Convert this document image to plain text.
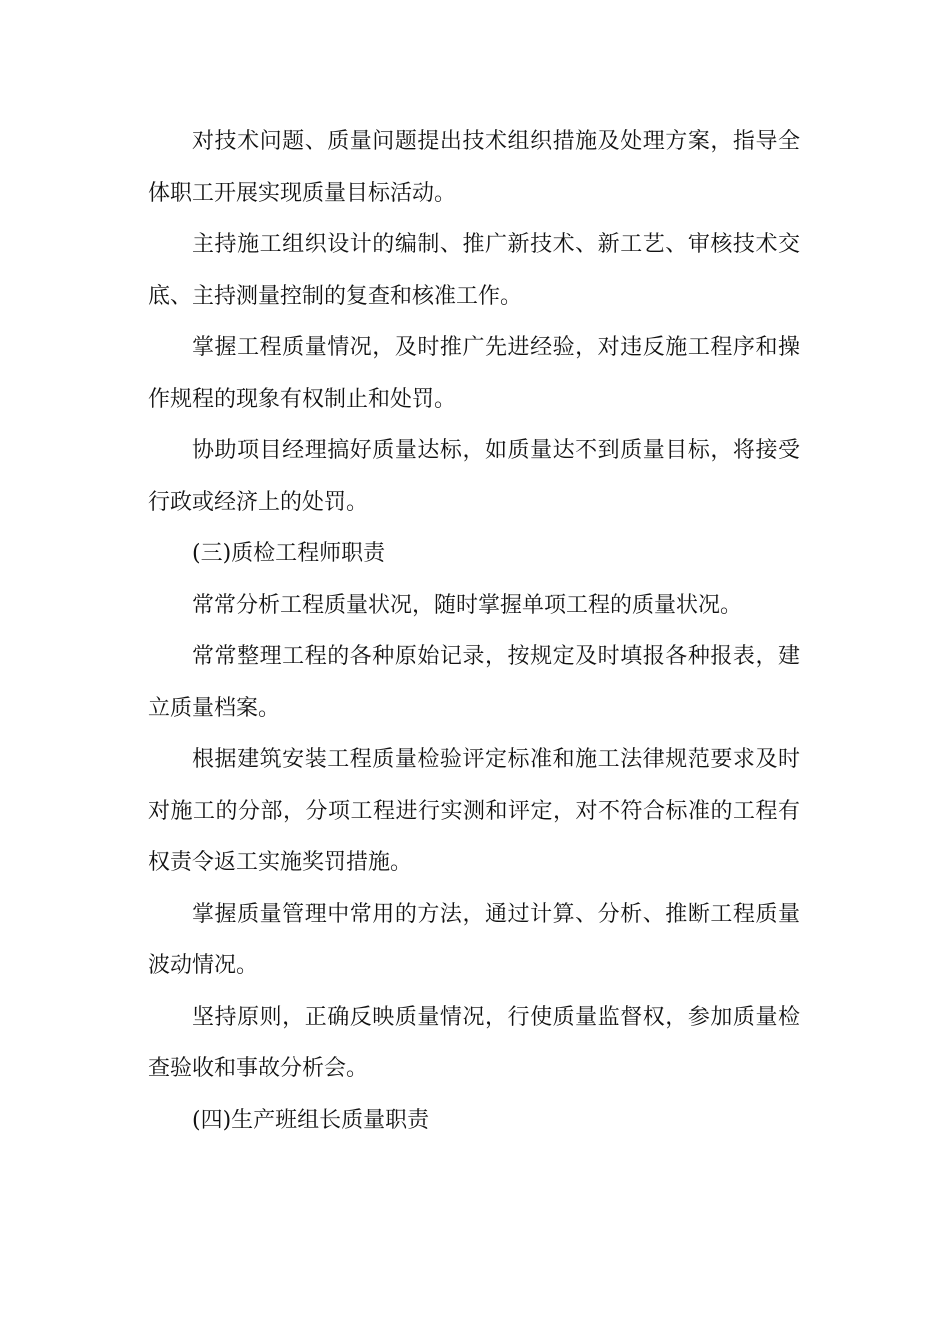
对技术问题、质量问题提出技术组织措施及处理方案，指导全体职工开展实现质量目标活动。

主持施工组织设计的编制、推广新技术、新工艺、审核技术交底、主持测量控制的复查和核准工作。

掌握工程质量情况，及时推广先进经验，对违反施工程序和操作规程的现象有权制止和处罚。

协助项目经理搞好质量达标，如质量达不到质量目标，将接受行政或经济上的处罚。

(三)质检工程师职责

常常分析工程质量状况，随时掌握单项工程的质量状况。

常常整理工程的各种原始记录，按规定及时填报各种报表，建立质量档案。

根据建筑安装工程质量检验评定标准和施工法律规范要求及时对施工的分部，分项工程进行实测和评定，对不符合标准的工程有权责令返工实施奖罚措施。

掌握质量管理中常用的方法，通过计算、分析、推断工程质量波动情况。

坚持原则，正确反映质量情况，行使质量监督权，参加质量检查验收和事故分析会。

(四)生产班组长质量职责
